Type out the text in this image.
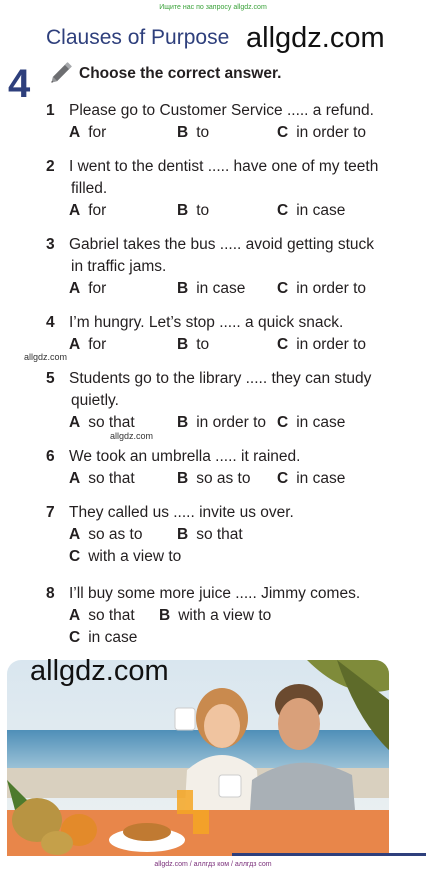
Ищите нас по запросу allgdz.com
Clauses of Purpose allgdz.com
4	Choose the correct answer.
1 Please go to Customer Service ..... a refund.
A for	B to	C in order to
2 I went to the dentist ..... have one of my teeth
filled.
A for	B to	C in case
3 Gabriel takes the bus ..... avoid getting stuck
in traffic jams.
A for	B in case C in order to
4 I’m hungry. Let’s stop ..... a quick snack.
A for	B to	C in order to
5 Students go to the library ..... they can study
quietly.
A so that	B in order to C in case
6 We took an umbrella ..... it rained.
A so that	B so as to C in case
7 They called us ..... invite us over.
A so as to B so that
C with a view to
8 I’ll buy some more juice ..... Jimmy comes.
A so that B with a view to
C in case
allgdz.com
allgdz.com
allgdz.com
allgdz.com / аллгдз ком / аллгдз com
